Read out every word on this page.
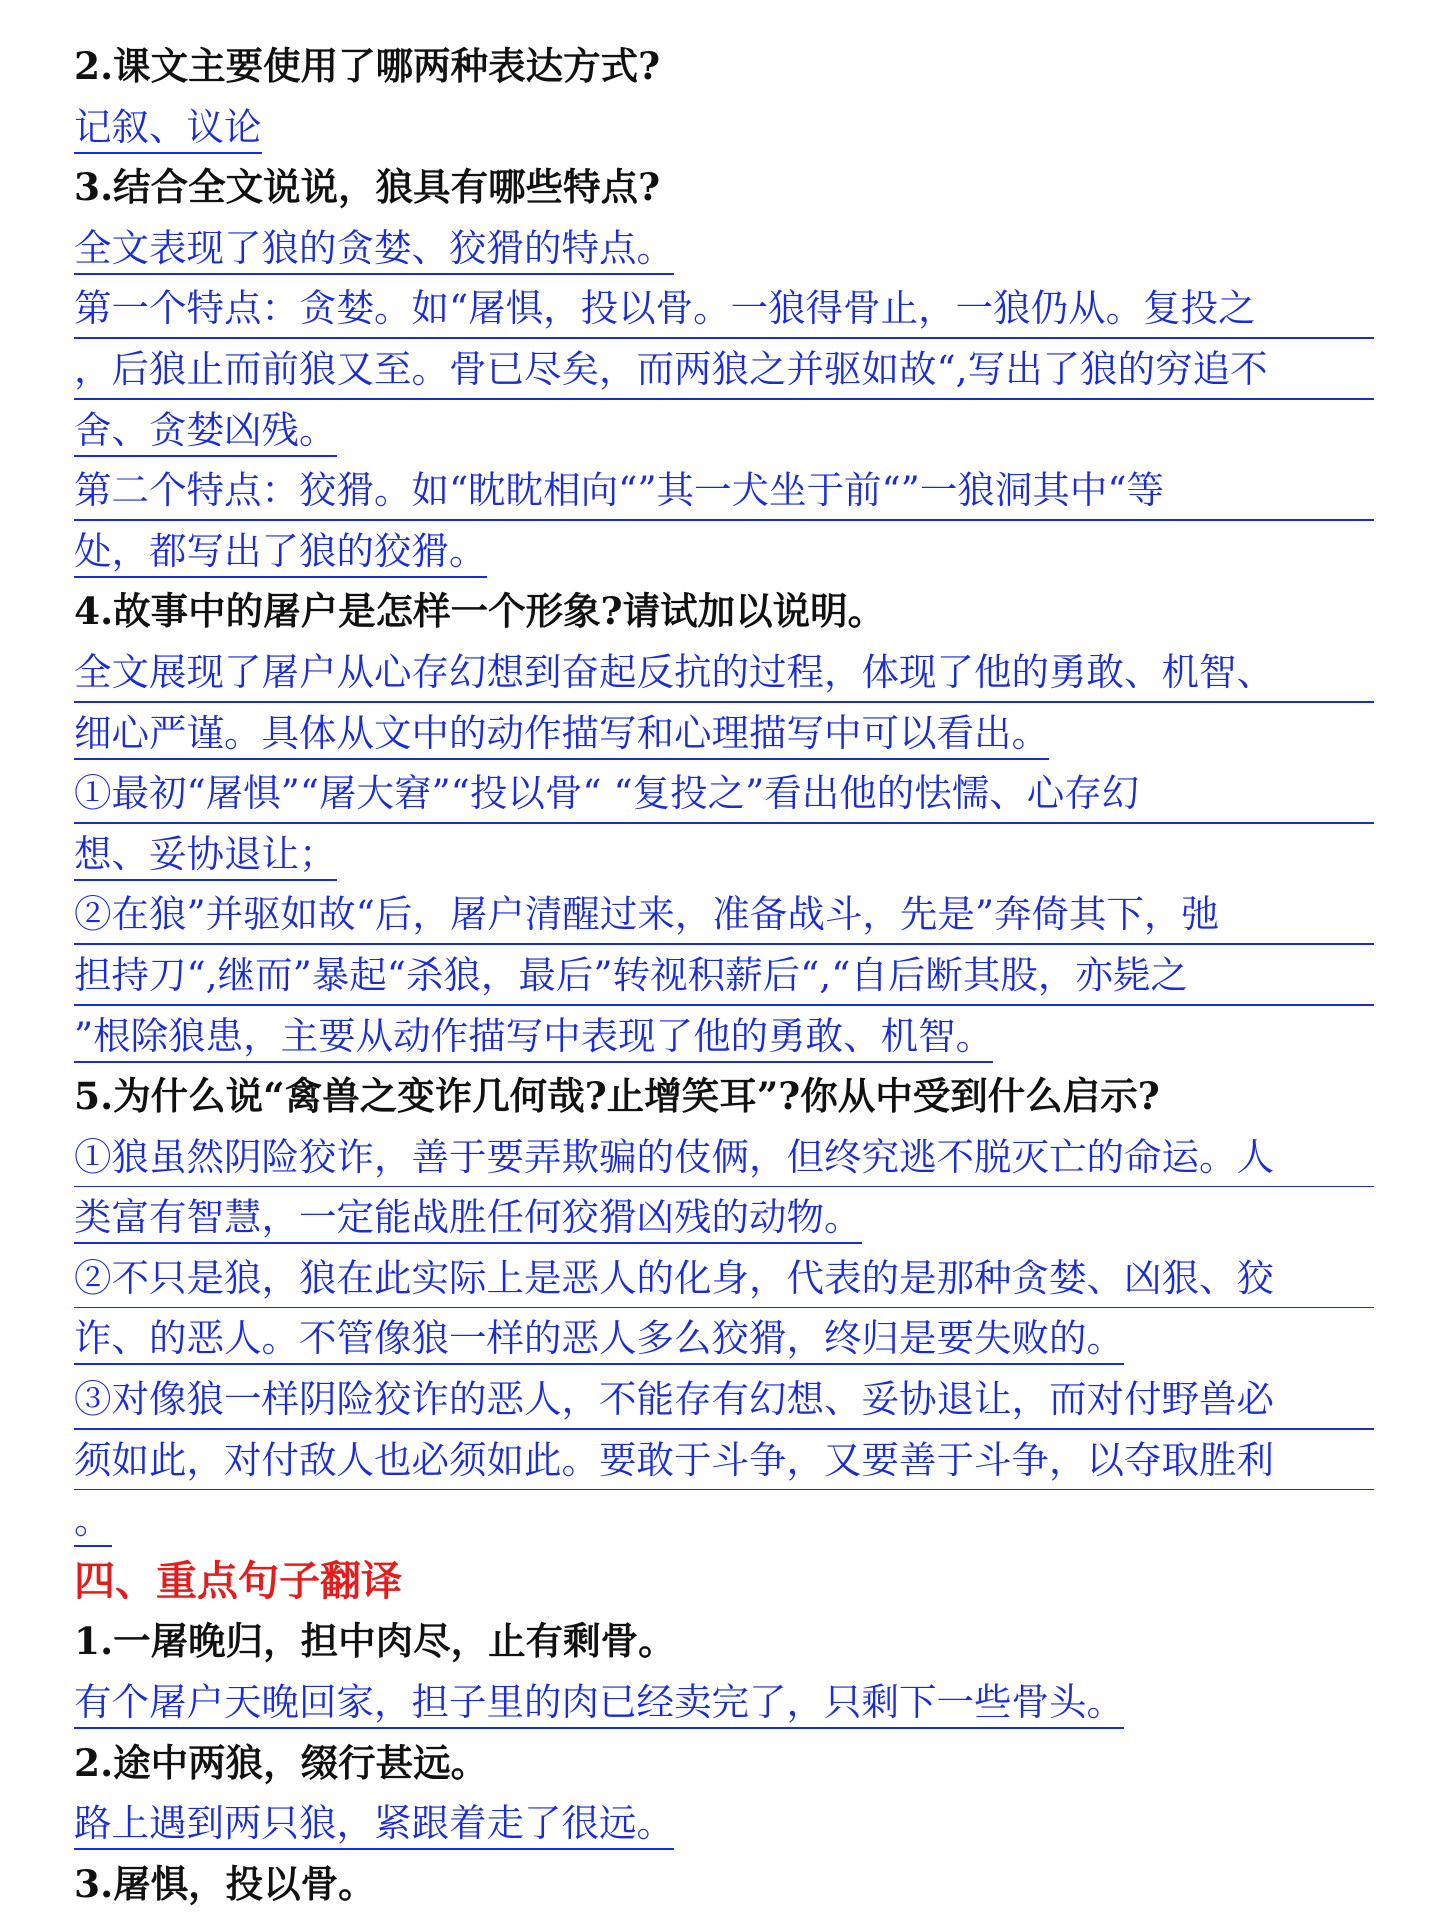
2.课文主要使用了哪两种表达方式?
记叙、议论
3.结合全文说说，狼具有哪些特点?
全文表现了狼的贪婪、狡猾的特点。
第一个特点：贪婪。如“屠惧，投以骨。一狼得骨止，一狼仍从。复投之
，后狼止而前狼又至。骨已尽矣，而两狼之并驱如故“,写出了狼的穷追不
舍、贪婪凶残。
第二个特点：狡猾。如“眈眈相向“”其一犬坐于前“”一狼洞其中“等
处，都写出了狼的狡猾。
4.故事中的屠户是怎样一个形象?请试加以说明。
全文展现了屠户从心存幻想到奋起反抗的过程，体现了他的勇敢、机智、
细心严谨。具体从文中的动作描写和心理描写中可以看出。
①最初“屠惧”“屠大窘”“投以骨“ “复投之”看出他的怯懦、心存幻
想、妥协退让；
②在狼”并驱如故“后，屠户清醒过来，准备战斗，先是”奔倚其下，弛
担持刀“,继而”暴起“杀狼，最后”转视积薪后“,“自后断其股，亦毙之
”根除狼患，主要从动作描写中表现了他的勇敢、机智。
5.为什么说“禽兽之变诈几何哉?止增笑耳”?你从中受到什么启示?
①狼虽然阴险狡诈，善于要弄欺骗的伎俩，但终究逃不脱灭亡的命运。人
类富有智慧，一定能战胜任何狡猾凶残的动物。
②不只是狼，狼在此实际上是恶人的化身，代表的是那种贪婪、凶狠、狡
诈、的恶人。不管像狼一样的恶人多么狡猾，终归是要失败的。
③对像狼一样阴险狡诈的恶人，不能存有幻想、妥协退让，而对付野兽必
须如此，对付敌人也必须如此。要敢于斗争，又要善于斗争，以夺取胜利
。
四、重点句子翻译
1.一屠晚归，担中肉尽，止有剩骨。
有个屠户天晚回家，担子里的肉已经卖完了，只剩下一些骨头。
2.途中两狼，缀行甚远。
路上遇到两只狼，紧跟着走了很远。
3.屠惧，投以骨。
